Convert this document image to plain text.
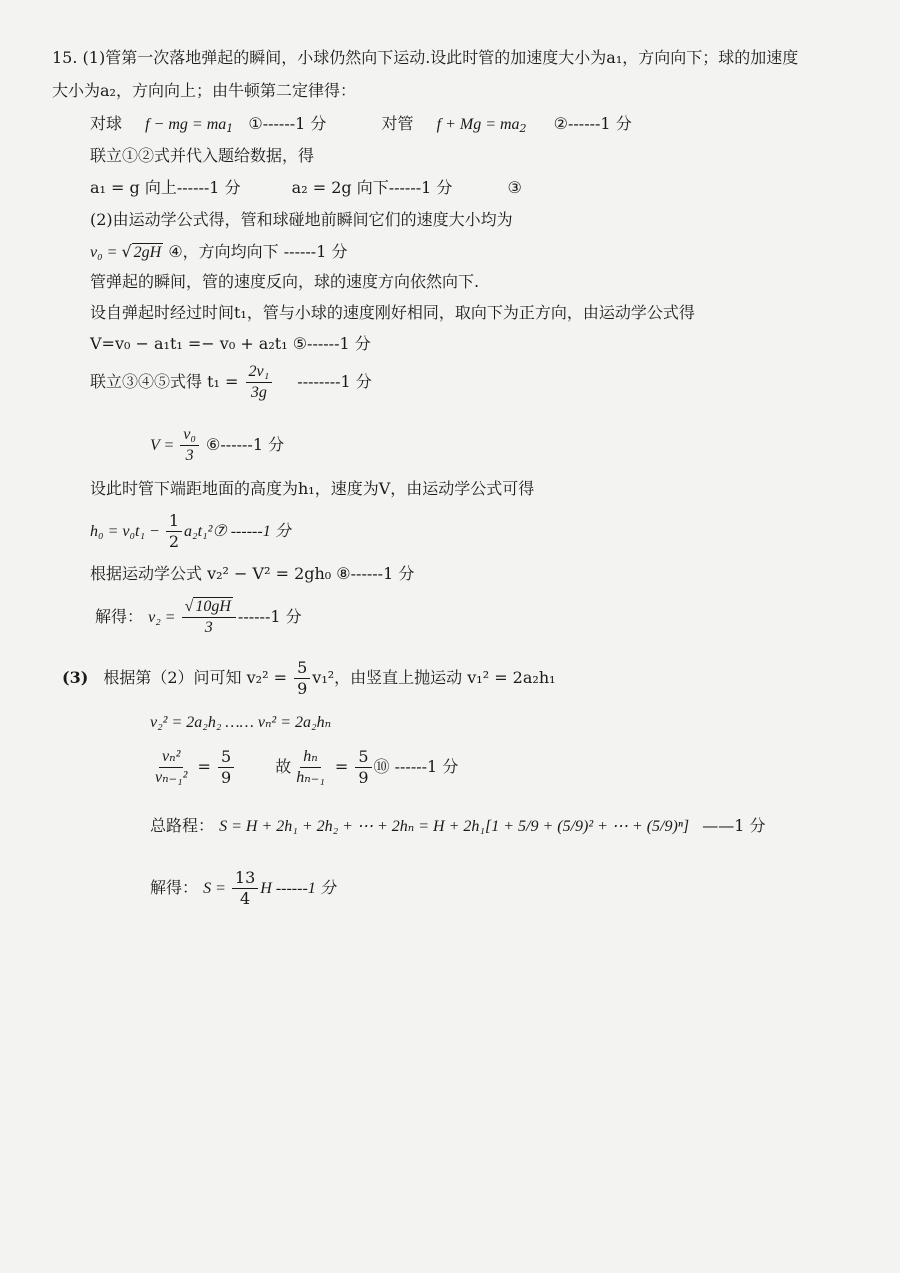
15. (1)管第一次落地弹起的瞬间，小球仍然向下运动.设此时管的加速度大小为a₁，方向向下；球的加速度
大小为a₂，方向向上；由牛顿第二定律得：
对球 f − mg = $ma_1$ ①------1 分	对管 $f + Mg = ma_2$ ②------1 分
联立①②式并代入题给数据，得
a₁ = g 向上------1 分	a₂ = 2g 向下------1 分	③
(2)由运动学公式得，管和球碰地前瞬间它们的速度大小均为
v₀ = √ 2gH ④，方向均向下 ------1 分
管弹起的瞬间，管的速度反向，球的速度方向依然向下.
设自弹起时经过时间t₁，管与小球的速度刚好相同，取向下为正方向，由运动学公式得
V=v₀ − a₁t₁ =− v₀ + a₂t₁ ⑤------1 分
联立③④⑤式得 $t_1 = \frac{\text{2v₁}}{3g} --------1$ 分
$V = \frac{\text{v₀}}{3}$ ⑥------1 分
设此时管下端距地面的高度为h₁，速度为V，由运动学公式可得
$h_0 = v_0t_1 - \frac{1}{2}$ a₂t₁²⑦ ------1 分
根据运动学公式 v₂² − V² = 2gh₀ ⑧------1 分
解得： $v_2 = \frac{√ 10gH}{3} ------1$ 分
(3) 根据第（2）问可知 $v_2^2 = \frac{5}{9} v_1^2$，由竖直上抛运动 v₁² = 2a₂h₁
v₂² = 2a₂h₂ …… vₙ² = 2a₂hₙ
$\frac{\text{vₙ²}}{\text{vₙ₋₁²}} = \frac{5}{9}$	故 $\frac{\text{hₙ}}{\text{hₙ₋₁}} = \frac{5}{9}$ ⑩ ------1 分
总路程： S = H + 2h₁ + 2h₂ + ⋯ + 2hₙ = H + 2h₁[1 + 5/9 + (5/9)² + ⋯ + (5/9)ⁿ] ——1 分
解得： $S = \frac{13}{4}$ H ------1 分
